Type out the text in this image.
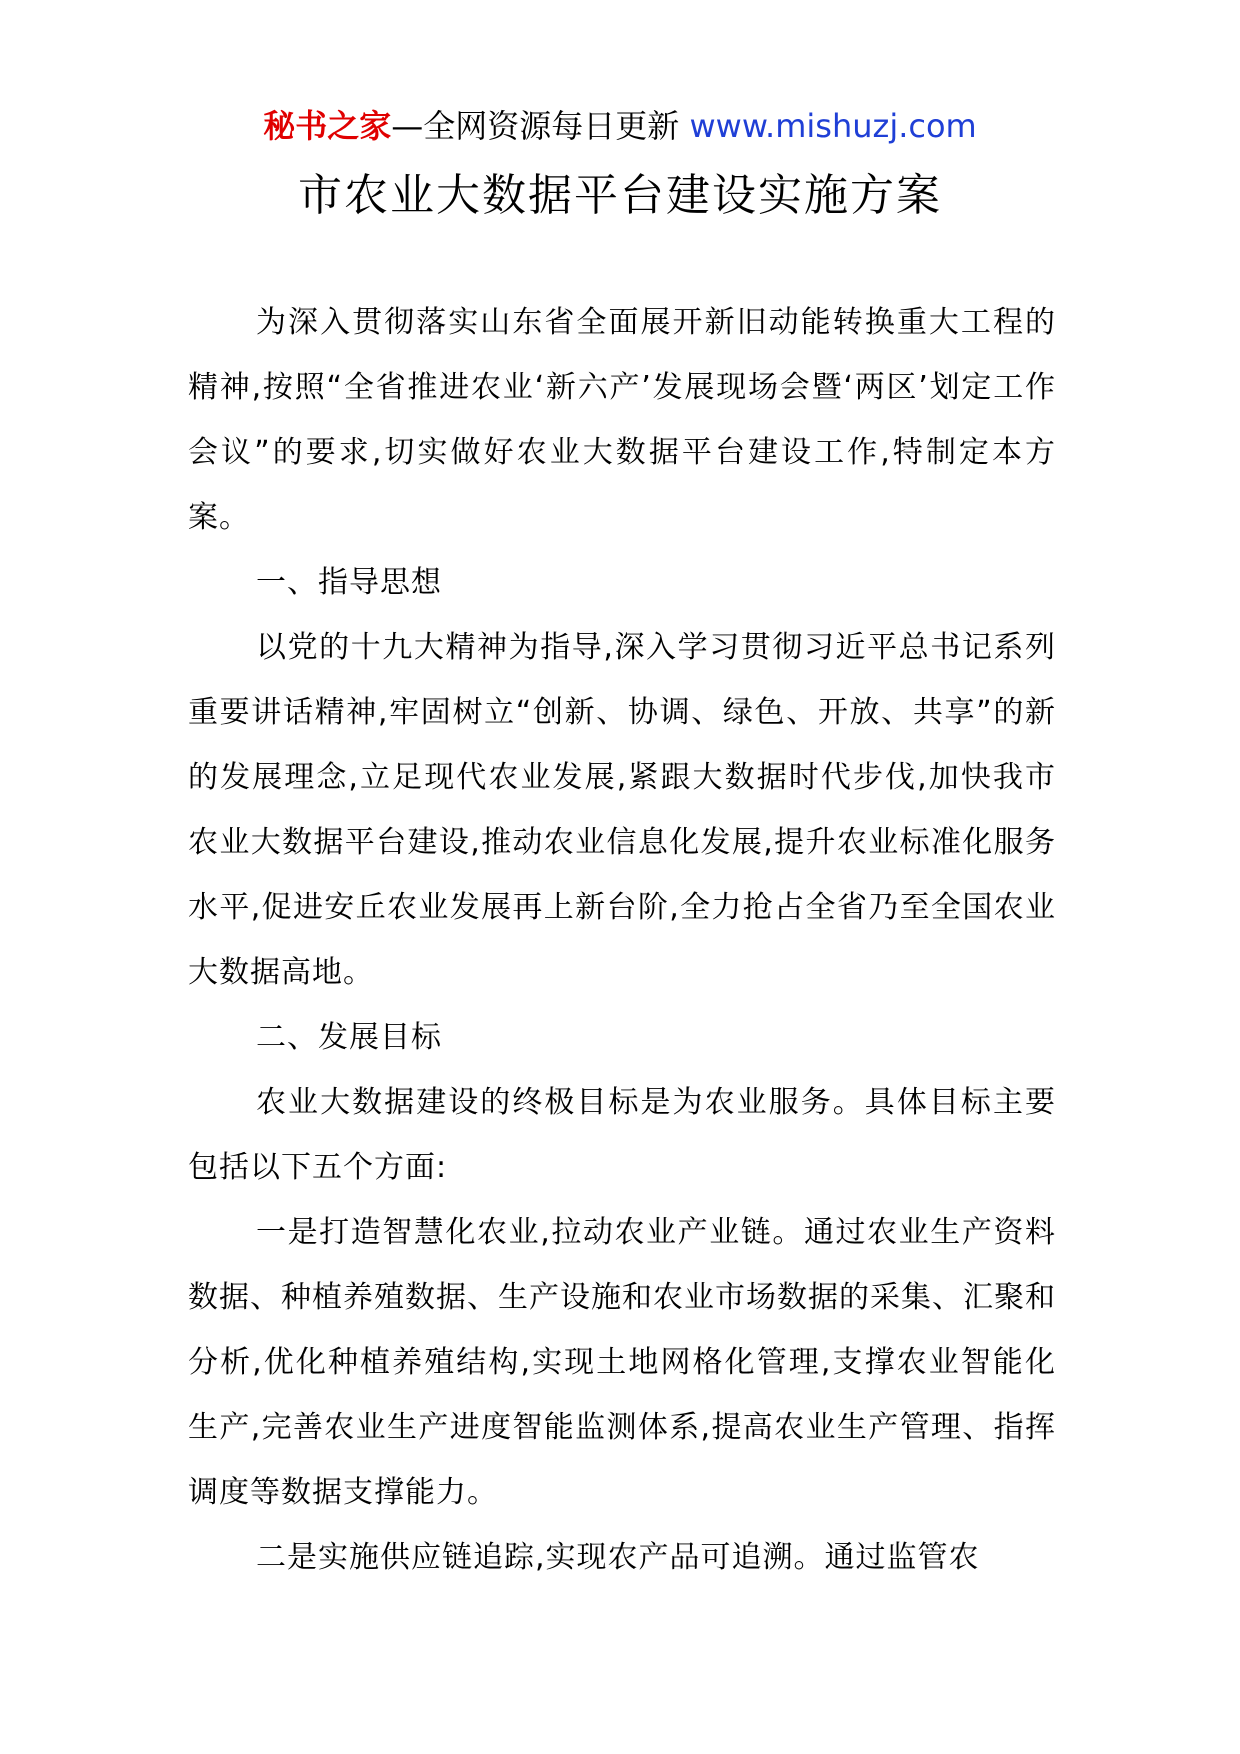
秘书之家—全网资源每日更新 www.mishuzj.com
市农业大数据平台建设实施方案

为深入贯彻落实山东省全面展开新旧动能转换重大工程的精神,按照“全省推进农业‘新六产’发展现场会暨‘两区’划定工作会议”的要求,切实做好农业大数据平台建设工作,特制定本方案。

一、指导思想

以党的十九大精神为指导,深入学习贯彻习近平总书记系列重要讲话精神,牢固树立“创新、协调、绿色、开放、共享”的新的发展理念,立足现代农业发展,紧跟大数据时代步伐,加快我市农业大数据平台建设,推动农业信息化发展,提升农业标准化服务水平,促进安丘农业发展再上新台阶,全力抢占全省乃至全国农业大数据高地。

二、发展目标

农业大数据建设的终极目标是为农业服务。具体目标主要包括以下五个方面:

一是打造智慧化农业,拉动农业产业链。通过农业生产资料数据、种植养殖数据、生产设施和农业市场数据的采集、汇聚和分析,优化种植养殖结构,实现土地网格化管理,支撑农业智能化生产,完善农业生产进度智能监测体系,提高农业生产管理、指挥调度等数据支撑能力。

二是实施供应链追踪,实现农产品可追溯。通过监管农
